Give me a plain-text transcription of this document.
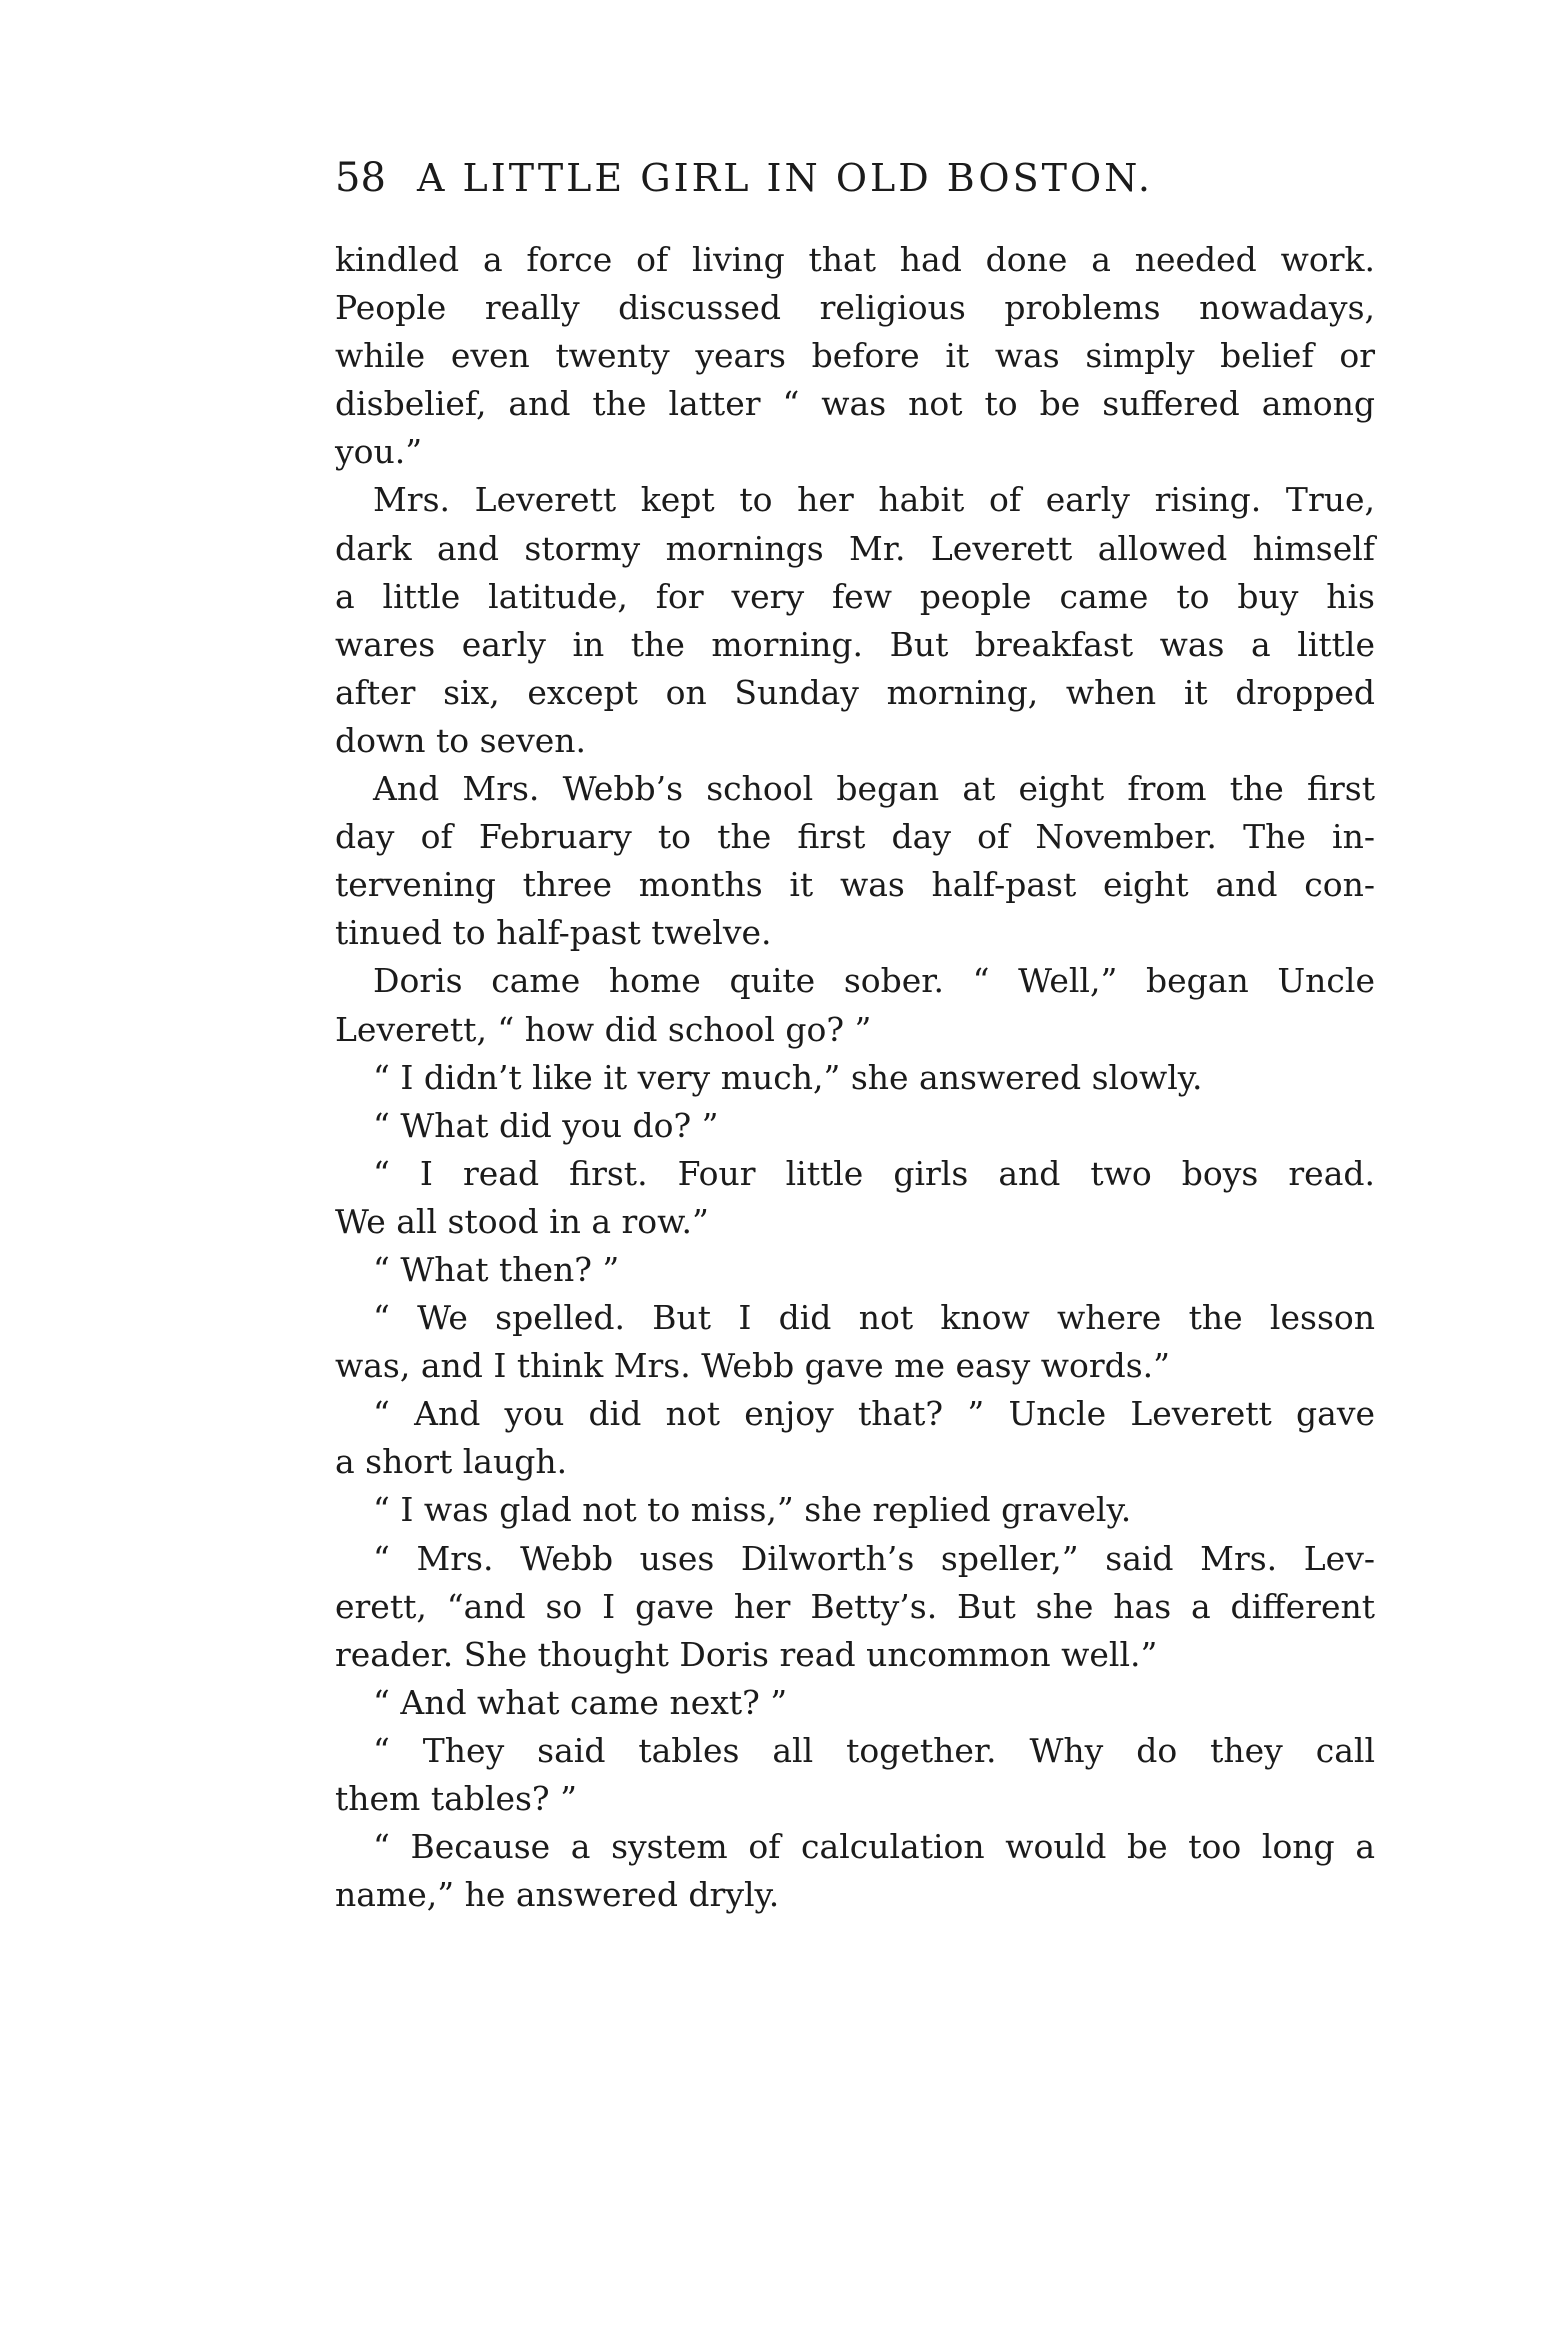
58 A LITTLE GIRL IN OLD BOSTON.

kindled a force of living that had done a needed work.
People really discussed religious problems nowadays,
while even twenty years before it was simply belief or
disbelief, and the latter “ was not to be suffered among
you.”

Mrs. Leverett kept to her habit of early rising. True,
dark and stormy mornings Mr. Leverett allowed himself
a little latitude, for very few people came to buy his
wares early in the morning. But breakfast was a little
after six, except on Sunday morning, when it dropped
down to seven.

And Mrs. Webb’s school began at eight from the first
day of February to the first day of November. The in-
tervening three months it was half-past eight and con-
tinued to half-past twelve.

Doris came home quite sober. “ Well,” began Uncle
Leverett, “ how did school go? ”

“ I didn’t like it very much,” she answered slowly.

“ What did you do? ”

“ I read first. Four little girls and two boys read.
We all stood in a row.”

“ What then? ”

“ We spelled. But I did not know where the lesson
was, and I think Mrs. Webb gave me easy words.”

“ And you did not enjoy that? ” Uncle Leverett gave
a short laugh.

“ I was glad not to miss,” she replied gravely.

“ Mrs. Webb uses Dilworth’s speller,” said Mrs. Lev-
erett, “and so I gave her Betty’s. But she has a different
reader. She thought Doris read uncommon well.”

“ And what came next? ”

“ They said tables all together. Why do they call
them tables? ”

“ Because a system of calculation would be too long a
name,” he answered dryly.
